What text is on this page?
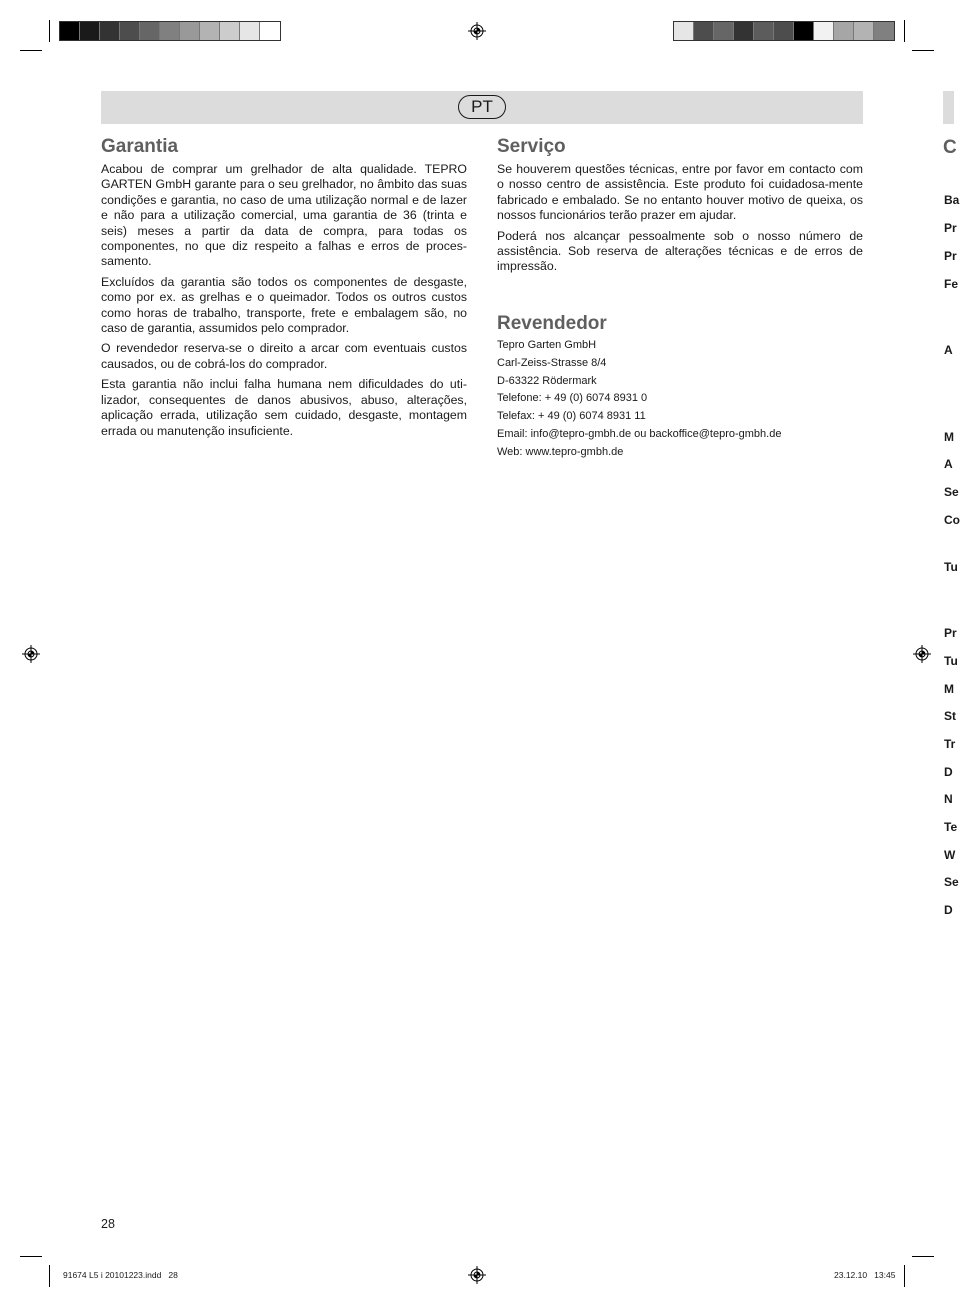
PT
Garantia

Acabou de comprar um grelhador de alta qualidade. TEPRO GARTEN GmbH garante para o seu grelhador, no âmbito das suas condições e garantia, no caso de uma utilização normal e de lazer e não para a utilização comercial, uma garantia de 36 (trinta e seis) meses a partir da data de compra, para todas os componentes, no que diz respeito a falhas e erros de proces-samento.

Excluídos da garantia são todos os componentes de desgaste, como por ex. as grelhas e o queimador. Todos os outros custos como horas de trabalho, transporte, frete e embalagem são, no caso de garantia, assumidos pelo comprador.

O revendedor reserva-se o direito a arcar com eventuais custos causados, ou de cobrá-los do comprador.

Esta garantia não inclui falha humana nem dificuldades do uti-lizador, consequentes de danos abusivos, abuso, alterações, aplicação errada, utilização sem cuidado, desgaste, montagem errada ou manutenção insuficiente.

Serviço

Se houverem questões técnicas, entre por favor em contacto com o nosso centro de assistência. Este produto foi cuidadosa-mente fabricado e embalado. Se no entanto houver motivo de queixa, os nossos funcionários terão prazer em ajudar.

Poderá nos alcançar pessoalmente sob o nosso número de assistência. Sob reserva de alterações técnicas e de erros de impressão.

Revendedor
Tepro Garten GmbH
Carl-Zeiss-Strasse 8/4
D-63322 Rödermark
Telefone: + 49 (0) 6074 8931 0
Telefax: + 49 (0) 6074 8931 11
Email: info@tepro-gmbh.de ou backoffice@tepro-gmbh.de
Web: www.tepro-gmbh.de
C
Ba
Pr
Pr
Fe
A
M
A
Se
Co
Tu
Pr
Tu
M
St
Tr
D
N
Te
W
Se
D
28
91674 L5 i 20101223.indd   28	23.12.10   13:45
